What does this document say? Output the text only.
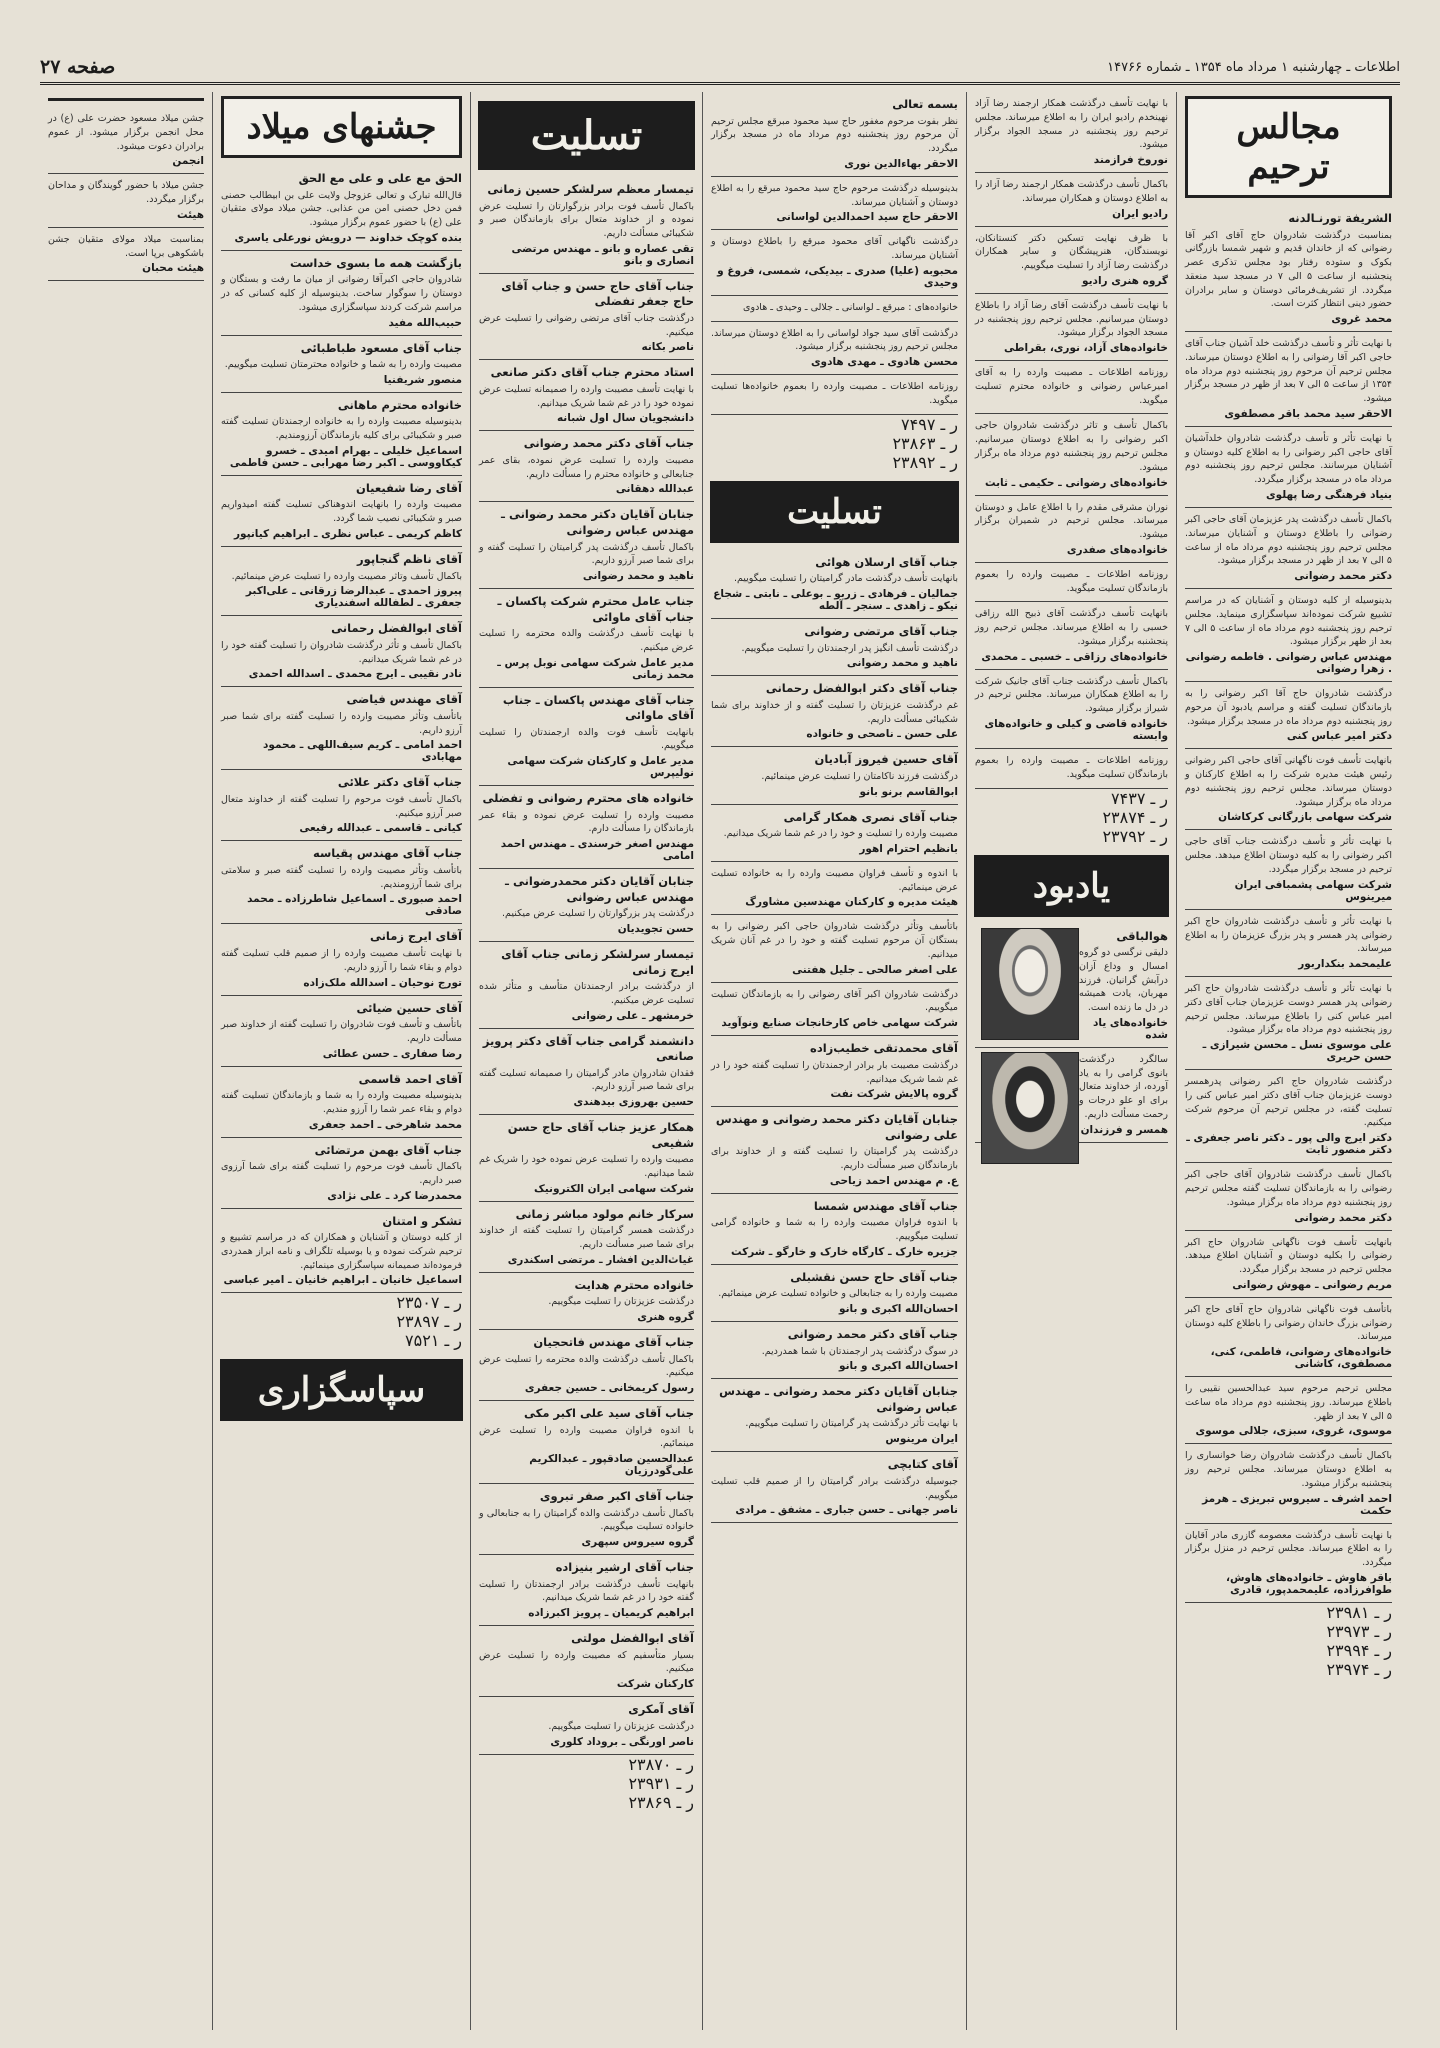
اطلاعات ـ چهارشنبه ۱ مرداد ماه ۱۳۵۴ ـ شماره ۱۴۷۶۶
صفحه ۲۷
مجالس ترحیم
الشریفة تورنـالدنه
بمناسبت درگذشت شادروان حاج آقای اکبر آقا رضوانی که از خاندان قدیم و شهیر شمسا بازرگانی بکوک و ستوده رفتار بود مجلس تذکری عصر پنجشنبه از ساعت ۵ الی ۷ در مسجد سید منعقد میگردد. از تشریف‌فرمائی دوستان و سایر برادران حضور دینی انتظار کثرت است.
محمد غروی
با نهایت تأثر و تأسف درگذشت خلد آشیان جناب آقای حاجی اکبر آقا رضوانی را به اطلاع دوستان میرساند. مجلس ترحیم آن مرحوم روز پنجشنبه دوم مرداد ماه ۱۳۵۴ از ساعت ۵ الی ۷ بعد از ظهر در مسجد برگزار میشود.
الاحقر سید محمد باقر مصطفوی
با نهایت تأثر و تأسف درگذشت شادروان خلدآشیان آقای حاجی اکبر رضوانی را به اطلاع کلیه دوستان و آشنایان میرسانند. مجلس ترحیم روز پنجشنبه دوم مرداد ماه در مسجد برگزار میگردد.
بنیاد فرهنگی رضا پهلوی
باکمال تأسف درگذشت پدر عزیزمان آقای حاجی اکبر رضوانی را باطلاع دوستان و آشنایان میرساند. مجلس ترحیم روز پنجشنبه دوم مرداد ماه از ساعت ۵ الی ۷ بعد از ظهر در مسجد برگزار میشود.
دکتر محمد رضوانی
بدینوسیله از کلیه دوستان و آشنایان که در مراسم تشییع شرکت نموده‌اند سپاسگزاری مینماید. مجلس ترحیم روز پنجشنبه دوم مرداد ماه از ساعت ۵ الی ۷ بعد از ظهر برگزار میشود.
مهندس عباس رضوانی . فاطمه رضوانی . زهرا رضوانی
درگذشت شادروان حاج آقا اکبر رضوانی را به بازماندگان تسلیت گفته و مراسم یادبود آن مرحوم روز پنجشنبه دوم مرداد ماه در مسجد برگزار میشود.
دکتر امیر عباس کنی
بانهایت تأسف فوت ناگهانی آقای حاجی اکبر رضوانی رئیس هیئت مدیره شرکت را به اطلاع کارکنان و دوستان میرساند. مجلس ترحیم روز پنجشنبه دوم مرداد ماه برگزار میشود.
شرکت سهامی بازرگانی کرکاشان
با نهایت تأثر و تأسف درگذشت جناب آقای حاجی اکبر رضوانی را به کلیه دوستان اطلاع میدهد. مجلس ترحیم در مسجد برگزار میگردد.
شرکت سهامی پشمبافی ایران میرینوس
با نهایت تأثر و تأسف درگذشت شادروان حاج اکبر رضوانی پدر همسر و پدر بزرگ عزیزمان را به اطلاع میرساند.
علیمحمد بنکداربور
با نهایت تأثر و تأسف درگذشت شادروان حاج اکبر رضوانی پدر همسر دوست عزیزمان جناب آقای دکتر امیر عباس کنی را باطلاع میرساند. مجلس ترحیم روز پنجشنبه دوم مرداد ماه برگزار میشود.
علی موسوی نسل ـ محسن شیرازی ـ حسن حریری
درگذشت شادروان حاج اکبر رضوانی پدرهمسر دوست عزیزمان جناب آقای دکتر امیر عباس کنی را تسلیت گفته، در مجلس ترحیم آن مرحوم شرکت میکنیم.
دکتر ایرج والی پور ـ دکتر ناصر جعفری ـ دکتر منصور ثابت
باکمال تأسف درگذشت شادروان آقای حاجی اکبر رضوانی را به بازماندگان تسلیت گفته مجلس ترحیم روز پنجشنبه دوم مرداد ماه برگزار میشود.
دکتر محمد رضوانی
بانهایت تأسف فوت ناگهانی شادروان حاج اکبر رضوانی را بکلیه دوستان و آشنایان اطلاع میدهد. مجلس ترحیم در مسجد برگزار میگردد.
مریم رضوانی ـ مهوش رضوانی
باتأسف فوت ناگهانی شادروان حاج آقای حاج اکبر رضوانی بزرگ خاندان رضوانی را باطلاع کلیه دوستان میرساند.
خانواده‌های رضوانی، فاطمی، کنی، مصطفوی، کاشانی
مجلس ترحیم مرحوم سید عبدالحسین نقیبی را باطلاع میرساند. روز پنجشنبه دوم مرداد ماه ساعت ۵ الی ۷ بعد از ظهر.
موسوی، غروی، سبزی، جلالی موسوی
باکمال تأسف درگذشت شادروان رضا خوانساری را به اطلاع دوستان میرساند. مجلس ترحیم روز پنجشنبه برگزار میشود.
احمد اشرف ـ سیروس تبریزی ـ هرمز حکمت
با نهایت تأسف درگذشت معصومه گازری مادر آقایان را به اطلاع میرساند. مجلس ترحیم در منزل برگزار میگردد.
باقر هاوش ـ خانواده‌های هاوش، طوافرزاده، علیمحمدپور، قادری
ر ـ ۲۳۹۸۱
ر ـ ۲۳۹۷۳
ر ـ ۲۳۹۹۴
ر ـ ۲۳۹۷۴
با نهایت تأسف درگذشت همکار ارجمند رضا آزاد نهینخدم رادیو ایران را به اطلاع میرساند. مجلس ترحیم روز پنجشنبه در مسجد الجواد برگزار میشود.
نوروخ فرازمند
باکمال تأسف درگذشت همکار ارجمند رضا آزاد را به اطلاع دوستان و همکاران میرساند.
رادیو ایران
با ظرف نهایت تسکین دکتر کنستانکان، نویسندگان، هنرپیشگان و سایر همکاران درگذشت رضا آزاد را تسلیت میگوییم.
گروه هنری رادیو
با نهایت تأسف درگذشت آقای رضا آزاد را باطلاع دوستان میرسانیم. مجلس ترحیم روز پنجشنبه در مسجد الجواد برگزار میشود.
خانواده‌های آزاد، نوری، بقراطی
روزنامه اطلاعات ـ مصیبت وارده را به آقای امیرعباس رضوانی و خانواده محترم تسلیت میگوید.
باکمال تأسف و تاثر درگذشت شادروان حاجی اکبر رضوانی را به اطلاع دوستان میرسانیم. مجلس ترحیم روز پنجشنبه دوم مرداد ماه برگزار میشود.
خانواده‌های رضوانی ـ حکیمی ـ ثابت
نوران مشرقی مقدم را با اطلاع عامل و دوستان میرساند. مجلس ترحیم در شمیران برگزار میشود.
خانواده‌های صفدری
روزنامه اطلاعات ـ مصیبت وارده را بعموم بازماندگان تسلیت میگوید.
بانهایت تأسف درگذشت آقای ذبیح الله رزاقی خسبی را به اطلاع میرساند. مجلس ترحیم روز پنجشنبه برگزار میشود.
خانواده‌های رزاقی ـ خسبی ـ محمدی
باکمال تأسف درگذشت جناب آقای جانیک شرکت را به اطلاع همکاران میرساند. مجلس ترحیم در شیراز برگزار میشود.
خانواده قاضی و کیلی و خانواده‌های وابسته
روزنامه اطلاعات ـ مصیبت وارده را بعموم بازماندگان تسلیت میگوید.
ر ـ ۷۴۳۷
ر ـ ۲۳۸۷۴
ر ـ ۲۳۷۹۲
یادبود
هوالباقی
دلیقی نرگسی دو گروه امسال و وداع آزان درآبش گرانیان. فرزند مهربان، یادت همیشه در دل ما زنده است.
خانواده‌های یاد شده
سالگرد درگذشت بانوی گرامی را به یاد آورده، از خداوند متعال برای او علو درجات و رحمت مسألت داریم.
همسر و فرزندان
بسمه تعالی
نظر بفوت مرحوم مغفور حاج سید محمود مبرقع مجلس ترحیم آن مرحوم روز پنجشنبه دوم مرداد ماه در مسجد برگزار میگردد.
الاحقر بهاءالدین نوری
بدینوسیله درگذشت مرحوم حاج سید محمود مبرقع را به اطلاع دوستان و آشنایان میرساند.
الاحقر حاج سید احمدالدین لواسانی
درگذشت ناگهانی آقای محمود مبرقع را باطلاع دوستان و آشنایان میرساند.
محبوبه (علیا) صدری ـ بیدیکی، شمسی، فروغ و وحیدی
خانواده‌های : مبرقع ـ لواسانی ـ جلالی ـ وحیدی ـ هادوی
درگذشت آقای سید جواد لواسانی را به اطلاع دوستان میرساند. مجلس ترحیم روز پنجشنبه برگزار میشود.
محسن هادوی ـ مهدی هادوی
روزنامه اطلاعات ـ مصیبت وارده را بعموم خانواده‌ها تسلیت میگوید.
ر ـ ۷۴۹۷
ر ـ ۲۳۸۶۳
ر ـ ۲۳۸۹۲
تسلیت
جناب آقای ارسلان هوائی
بانهایت تأسف درگذشت مادر گرامیتان را تسلیت میگوییم.
جمالیان ـ فرهادی ـ زربو ـ بوعلی ـ نابتی ـ شجاع نیکو ـ زاهدی ـ سنجر ـ آلطه
جناب آقای مرتضی رضوانی
درگذشت تأسف انگیز پدر ارجمندتان را تسلیت میگوییم.
ناهید و محمد رضوانی
جناب آقای دکتر ابوالفضل رحمانی
غم درگذشت عزیزتان را تسلیت گفته و از خداوند برای شما شکیبائی مسألت داریم.
علی حسن ـ ناصحی و خانواده
آقای حسین فیروز آبادیان
درگذشت فرزند ناکامتان را تسلیت عرض مینمائیم.
ابوالقاسم برنو بانو
جناب آقای نصری همکار گرامی
مصیبت وارده را تسلیت و خود را در غم شما شریک میدانیم.
بانظیم احترام اهور
با اندوه و تأسف فراوان مصیبت وارده را به خانواده تسلیت عرض مینمائیم.
هیئت مدیره و کارکنان مهندسین مشاورگ
باتأسف وتأثر درگذشت شادروان حاجی اکبر رضوانی را به بستگان آن مرحوم تسلیت گفته و خود را در غم آنان شریک میدانیم.
علی اصغر صالحی ـ جلیل هفتنی
درگذشت شادروان اکبر آقای رضوانی را به بازماندگان تسلیت میگوییم.
شرکت سهامی خاص کارخانجات صنایع ونوآوید
آقای محمدتقی خطیب‌زاده
درگذشت مصیبت بار برادر ارجمندتان را تسلیت گفته خود را در غم شما شریک میدانیم.
گروه پالایش شرکت نفت
جنابان آقایان دکتر محمد رضوانی و مهندس علی رضوانی
درگذشت پدر گرامیتان را تسلیت گفته و از خداوند برای بازماندگان صبر مسألت داریم.
ع. م مهندس احمد زیاحی
جناب آقای مهندس شمسا
با اندوه فراوان مصیبت وارده را به شما و خانواده گرامی تسلیت میگوییم.
جزیره خارک ـ کارگاه خارک و خارگو ـ شرکت
جناب آقای حاج حسن نقشبلی
مصیبت وارده را به جنابعالی و خانواده تسلیت عرض مینمائیم.
احسان‌الله اکبری و بانو
جناب آقای دکتر محمد رضوانی
در سوگ درگذشت پدر ارجمندتان با شما همدردیم.
احسان‌الله اکبری و بانو
جنابان آقایان دکتر محمد رضوانی ـ مهندس عباس رضوانی
با نهایت تأثر درگذشت پدر گرامیتان را تسلیت میگوییم.
ایران مرینوس
آقای کتابچی
جبوسیله درگذشت برادر گرامیتان را از صمیم قلب تسلیت میگوییم.
ناصر جهانی ـ حسن جباری ـ مشفق ـ مرادی
تسلیت
تیمسار معظم سرلشکر حسین زمانی
باکمال تأسف فوت برادر بزرگوارتان را تسلیت عرض نموده و از خداوند متعال برای بازماندگان صبر و شکیبائی مسألت داریم.
تقی عصاره و بانو ـ مهندس مرتضی انصاری و بانو
جناب آقای حاج حسن و جناب آقای حاج جعفر تفضلی
درگذشت جناب آقای مرتضی رضوانی را تسلیت عرض میکنیم.
ناصر بکانه
استاد محترم جناب آقای دکتر صانعی
با نهایت تأسف مصیبت وارده را صمیمانه تسلیت عرض نموده خود را در غم شما شریک میدانیم.
دانشجویان سال اول شبانه
جناب آقای دکتر محمد رضوانی
مصیبت وارده را تسلیت عرض نموده، بقای عمر جنابعالی و خانواده محترم را مسألت داریم.
عبدالله دهقانی
جنابان آقایان دکتر محمد رضوانی ـ مهندس عباس رضوانی
باکمال تأسف درگذشت پدر گرامیتان را تسلیت گفته و برای شما صبر آرزو داریم.
ناهید و محمد رضوانی
جناب عامل محترم شرکت پاکسان ـ جناب آقای ماوائی
با نهایت تأسف درگذشت والده محترمه را تسلیت عرض میکنیم.
مدیر عامل شرکت سهامی نوبل پرس ـ محمد زمانی
جناب آقای مهندس پاکسان ـ جناب آقای ماوائی
بانهایت تأسف فوت والده ارجمندتان را تسلیت میگوییم.
مدیر عامل و کارکنان شرکت سهامی نولیپرس
خانواده های محترم رضوانی و تفضلی
مصیبت وارده را تسلیت عرض نموده و بقاء عمر بازماندگان را مسألت دارم.
مهندس اصغر خرسندی ـ مهندس احمد امامی
جنابان آقایان دکتر محمدرضوانی ـ مهندس عباس رضوانی
درگذشت پدر بزرگوارتان را تسلیت عرض میکنیم.
حسن تجویدیان
تیمسار سرلشکر زمانی جناب آقای ایرج زمانی
از درگذشت برادر ارجمندتان متأسف و متأثر شده تسلیت عرض میکنیم.
خرمشهر ـ علی رضوانی
دانشمند گرامی جناب آقای دکتر پرویز صانعی
فقدان شادروان مادر گرامیتان را صمیمانه تسلیت گفته برای شما صبر آرزو داریم.
حسین بهروزی بیدهندی
همکار عزیز جناب آقای حاج حسن شفیعی
مصیبت وارده را تسلیت عرض نموده خود را شریک غم شما میدانیم.
شرکت سهامی ایران الکترونیک
سرکار خانم مولود مباشر زمانی
درگذشت همسر گرامیتان را تسلیت گفته از خداوند برای شما صبر مسألت داریم.
غیاث‌الدین افشار ـ مرتضی اسکندری
خانواده محترم هدایت
درگذشت عزیزتان را تسلیت میگوییم.
گروه هنری
جناب آقای مهندس فاتحجیان
باکمال تأسف درگذشت والده محترمه را تسلیت عرض میکنیم.
رسول کریمخانی ـ حسین جعفری
جناب آقای سید علی اکبر مکی
با اندوه فراوان مصیبت وارده را تسلیت عرض مینمائیم.
عبدالحسین صادقپور ـ عبدالکریم علی‌گودرزیان
جناب آقای اکبر صفر تبروی
باکمال تأسف درگذشت والده گرامیتان را به جنابعالی و خانواده تسلیت میگوییم.
گروه سیروس سپهری
جناب آقای ارشیر بنیزاده
بانهایت تأسف درگذشت برادر ارجمندتان را تسلیت گفته خود را در غم شما شریک میدانیم.
ابراهیم کریمیان ـ پرویز اکبرزاده
آقای ابوالفضل مولتی
بسیار متأسفیم که مصیبت وارده را تسلیت عرض میکنیم.
کارکنان شرکت
آقای آمکری
درگذشت عزیزتان را تسلیت میگوییم.
ناصر اورنگی ـ بروداد کلوری
ر ـ ۲۳۸۷۰
ر ـ ۲۳۹۳۱
ر ـ ۲۳۸۶۹
جشنهای میلاد
الحق مع علی و علی مع الحق
قال‌الله تبارک و تعالی عزوجل ولایت علی بن ابیطالب حصنی فمن دخل حصنی امن من عذابی. جشن میلاد مولای متقیان علی (ع) با حضور عموم برگزار میشود.
بنده کوچک خداوند — درویش نورعلی یاسری
بازگشت همه ما بسوی خداست
شادروان حاجی اکبرآقا رضوانی از میان ما رفت و بستگان و دوستان را سوگوار ساخت. بدینوسیله از کلیه کسانی که در مراسم شرکت کردند سپاسگزاری میشود.
حبیب‌الله مفید
جناب آقای مسعود طباطبائی
مصیبت وارده را به شما و خانواده محترمتان تسلیت میگوییم.
منصور شریفنیا
خانواده محترم ماهانی
بدینوسیله مصیبت وارده را به خانواده ارجمندتان تسلیت گفته صبر و شکیبائی برای کلیه بازماندگان آرزومندیم.
اسماعیل خلیلی ـ بهرام امیدی ـ خسرو کیکاووسی ـ اکبر رضا مهرابی ـ حسن فاطمی
آقای رضا شفیعیان
مصیبت وارده را بانهایت اندوهناکی تسلیت گفته امیدواریم صبر و شکیبائی نصیب شما گردد.
کاظم کریمی ـ عباس نظری ـ ابراهیم کیانپور
آقای ناظم گنجاپور
باکمال تأسف وتاثر مصیبت وارده را تسلیت عرض مینمائیم.
پیروز احمدی ـ عبدالرضا زرقانی ـ علی‌اکبر جعفری ـ لطفالله اسفندیاری
آقای ابوالفضل رحمانی
باکمال تأسف و تأثر درگذشت شادروان را تسلیت گفته خود را در غم شما شریک میدانیم.
نادر نقیبی ـ ایرج محمدی ـ اسدالله احمدی
آقای مهندس فیاضی
باتأسف وتأثر مصیبت وارده را تسلیت گفته برای شما صبر آرزو داریم.
احمد امامی ـ کریم سیف‌اللهی ـ محمود مهابادی
جناب آقای دکتر علائی
باکمال تأسف فوت مرحوم را تسلیت گفته از خداوند متعال صبر آرزو میکنیم.
کیانی ـ قاسمی ـ عبدالله رفیعی
جناب آقای مهندس پقیاسه
باتأسف وتأثر مصیبت وارده را تسلیت گفته صبر و سلامتی برای شما آرزومندیم.
احمد صبوری ـ اسماعیل شاطرزاده ـ محمد صادقی
آقای ایرج زمانی
با نهایت تأسف مصیبت وارده را از صمیم قلب تسلیت گفته دوام و بقاء شما را آرزو داریم.
تورج نوحیان ـ اسدالله ملک‌زاده
آقای حسین ضیائی
باتأسف و تأسف فوت شادروان را تسلیت گفته از خداوند صبر مسألت داریم.
رضا صفاری ـ حسن عطائی
آقای احمد قاسمی
بدینوسیله مصیبت وارده را به شما و بازماندگان تسلیت گفته دوام و بقاء عمر شما را آرزو مندیم.
محمد شاهرخی ـ احمد جعفری
جناب آقای بهمن مرتضائی
باکمال تأسف فوت مرحوم را تسلیت گفته برای شما آرزوی صبر داریم.
محمدرضا کرد ـ علی نژادی
تشکر و امتنان
از کلیه دوستان و آشنایان و همکاران که در مراسم تشییع و ترحیم شرکت نموده و یا بوسیله تلگراف و نامه ابراز همدردی فرموده‌اند صمیمانه سپاسگزاری مینمائیم.
اسماعیل خانیان ـ ابراهیم خانیان ـ امیر عباسی
ر ـ ۲۳۵۰۷
ر ـ ۲۳۸۹۷
ر ـ ۷۵۲۱
سپاسگزاری
جشن میلاد مسعود حضرت علی (ع) در محل انجمن برگزار میشود. از عموم برادران دعوت میشود.
انجمن
جشن میلاد با حضور گویندگان و مداحان برگزار میگردد.
هیئت
بمناسبت میلاد مولای متقیان جشن باشکوهی برپا است.
هیئت محبان
